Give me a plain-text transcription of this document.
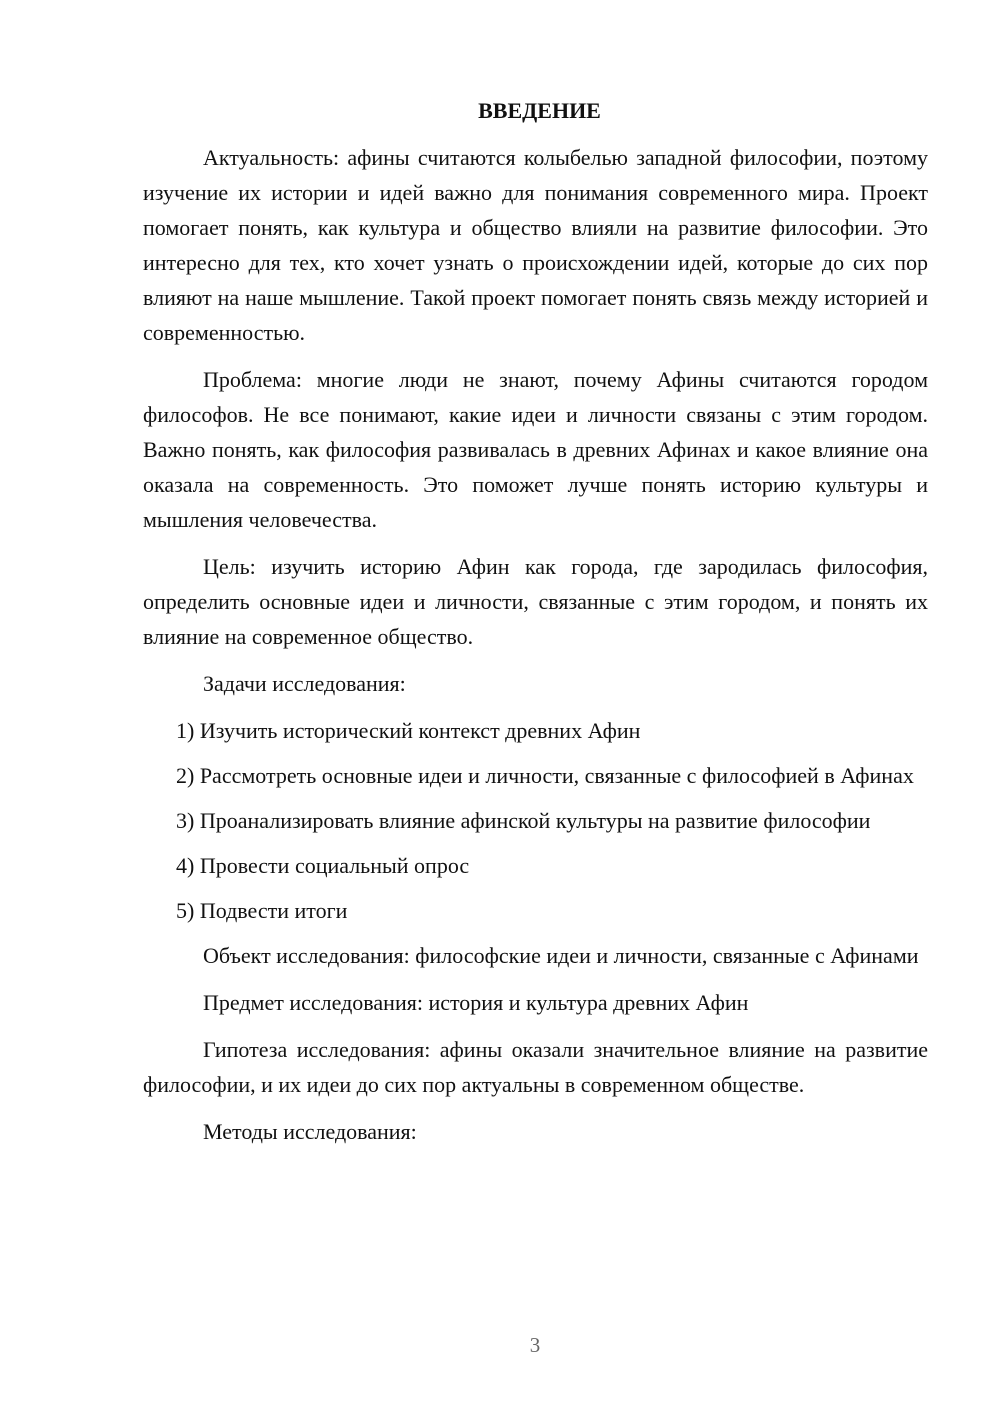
ВВЕДЕНИЕ

Актуальность: афины считаются колыбелью западной философии, поэтому изучение их истории и идей важно для понимания современного мира. Проект помогает понять, как культура и общество влияли на развитие философии. Это интересно для тех, кто хочет узнать о происхождении идей, которые до сих пор влияют на наше мышление. Такой проект помогает понять связь между историей и современностью.

Проблема: многие люди не знают, почему Афины считаются городом философов. Не все понимают, какие идеи и личности связаны с этим городом. Важно понять, как философия развивалась в древних Афинах и какое влияние она оказала на современность. Это поможет лучше понять историю культуры и мышления человечества.

Цель: изучить историю Афин как города, где зародилась философия, определить основные идеи и личности, связанные с этим городом, и понять их влияние на современное общество.

Задачи исследования:

1) Изучить исторический контекст древних Афин

2) Рассмотреть основные идеи и личности, связанные с философией в Афинах

3) Проанализировать влияние афинской культуры на развитие философии

4) Провести социальный опрос

5) Подвести итоги

Объект исследования: философские идеи и личности, связанные с Афинами

Предмет исследования: история и культура древних Афин

Гипотеза исследования: афины оказали значительное влияние на развитие философии, и их идеи до сих пор актуальны в современном обществе.

Методы исследования:

3
